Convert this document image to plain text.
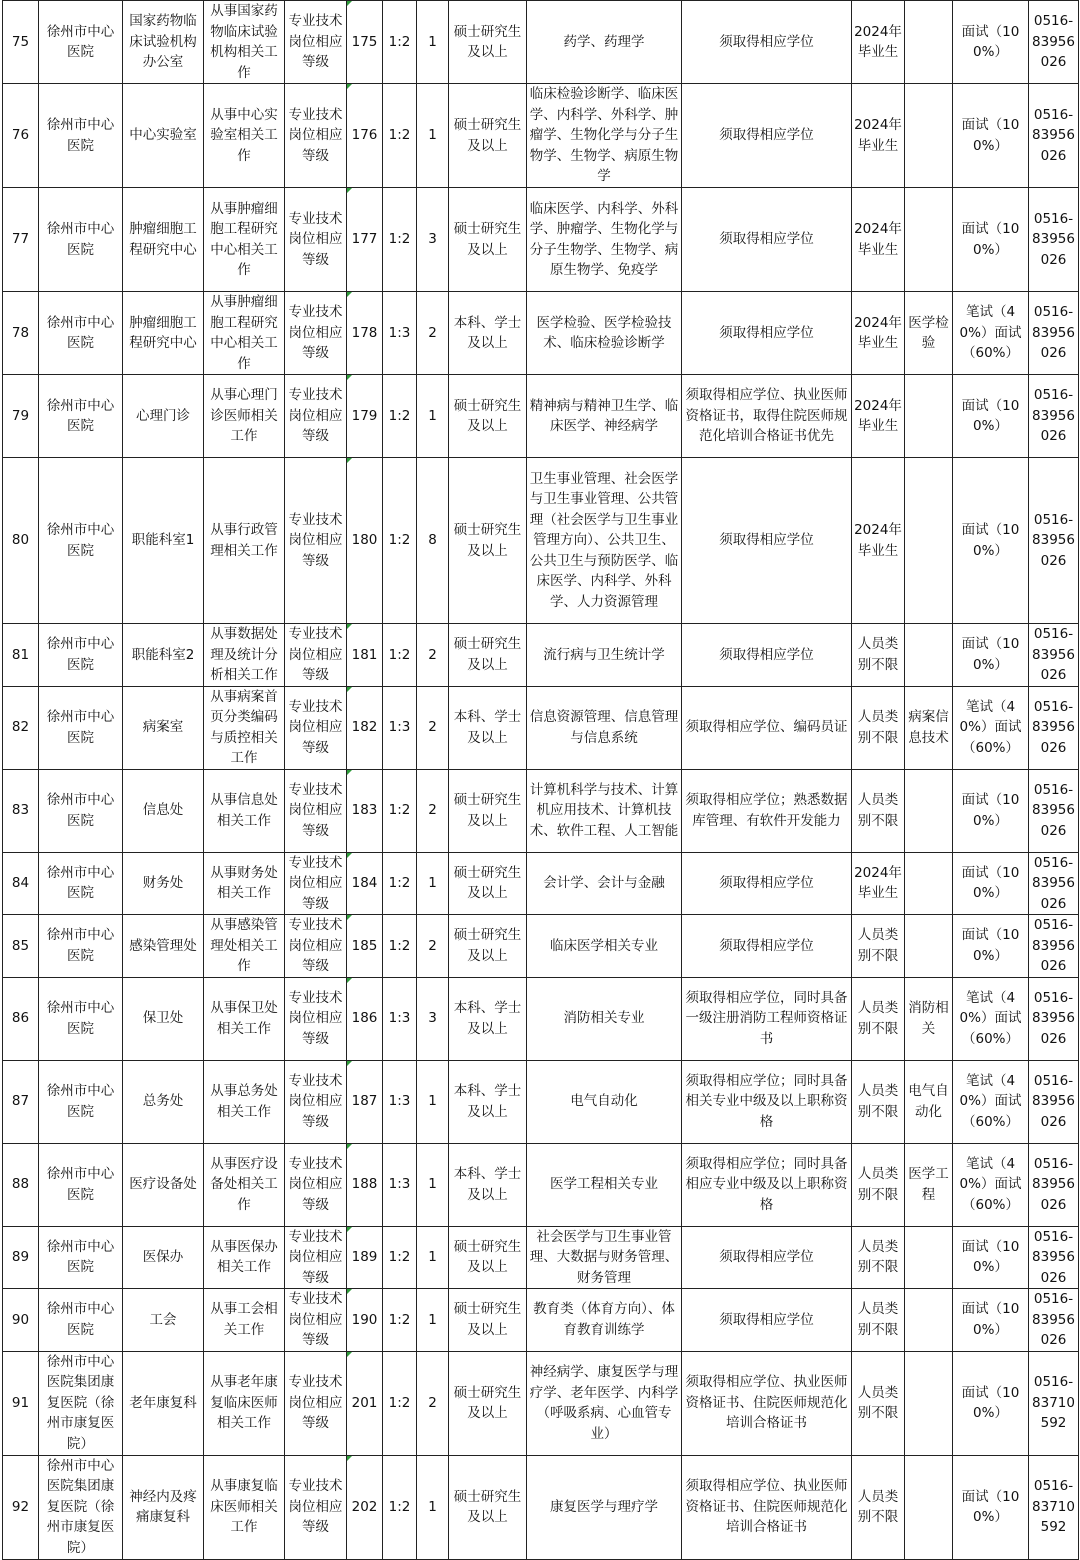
75	徐州市中心医院	国家药物临床试验机构办公室	从事国家药物临床试验机构相关工作	专业技术岗位相应等级	175	1:2	1	硕士研究生及以上	药学、药理学	须取得相应学位	2024年毕业生		面试（100%）	0516-83956026
76	徐州市中心医院	中心实验室	从事中心实验室相关工作	专业技术岗位相应等级	176	1:2	1	硕士研究生及以上	临床检验诊断学、临床医学、内科学、外科学、肿瘤学、生物化学与分子生物学、生物学、病原生物学	须取得相应学位	2024年毕业生		面试（100%）	0516-83956026
77	徐州市中心医院	肿瘤细胞工程研究中心	从事肿瘤细胞工程研究中心相关工作	专业技术岗位相应等级	177	1:2	3	硕士研究生及以上	临床医学、内科学、外科学、肿瘤学、生物化学与分子生物学、生物学、病原生物学、免疫学	须取得相应学位	2024年毕业生		面试（100%）	0516-83956026
78	徐州市中心医院	肿瘤细胞工程研究中心	从事肿瘤细胞工程研究中心相关工作	专业技术岗位相应等级	178	1:3	2	本科、学士及以上	医学检验、医学检验技术、临床检验诊断学	须取得相应学位	2024年毕业生	医学检验	笔试（40%）面试（60%）	0516-83956026
79	徐州市中心医院	心理门诊	从事心理门诊医师相关工作	专业技术岗位相应等级	179	1:2	1	硕士研究生及以上	精神病与精神卫生学、临床医学、神经病学	须取得相应学位、执业医师资格证书，取得住院医师规范化培训合格证书优先	2024年毕业生		面试（100%）	0516-83956026
80	徐州市中心医院	职能科室1	从事行政管理相关工作	专业技术岗位相应等级	180	1:2	8	硕士研究生及以上	卫生事业管理、社会医学与卫生事业管理、公共管理（社会医学与卫生事业管理方向）、公共卫生、公共卫生与预防医学、临床医学、内科学、外科学、人力资源管理	须取得相应学位	2024年毕业生		面试（100%）	0516-83956026
81	徐州市中心医院	职能科室2	从事数据处理及统计分析相关工作	专业技术岗位相应等级	181	1:2	2	硕士研究生及以上	流行病与卫生统计学	须取得相应学位	人员类别不限		面试（100%）	0516-83956026
82	徐州市中心医院	病案室	从事病案首页分类编码与质控相关工作	专业技术岗位相应等级	182	1:3	2	本科、学士及以上	信息资源管理、信息管理与信息系统	须取得相应学位、编码员证	人员类别不限	病案信息技术	笔试（40%）面试（60%）	0516-83956026
83	徐州市中心医院	信息处	从事信息处相关工作	专业技术岗位相应等级	183	1:2	2	硕士研究生及以上	计算机科学与技术、计算机应用技术、计算机技术、软件工程、人工智能	须取得相应学位；熟悉数据库管理、有软件开发能力	人员类别不限		面试（100%）	0516-83956026
84	徐州市中心医院	财务处	从事财务处相关工作	专业技术岗位相应等级	184	1:2	1	硕士研究生及以上	会计学、会计与金融	须取得相应学位	2024年毕业生		面试（100%）	0516-83956026
85	徐州市中心医院	感染管理处	从事感染管理处相关工作	专业技术岗位相应等级	185	1:2	2	硕士研究生及以上	临床医学相关专业	须取得相应学位	人员类别不限		面试（100%）	0516-83956026
86	徐州市中心医院	保卫处	从事保卫处相关工作	专业技术岗位相应等级	186	1:3	3	本科、学士及以上	消防相关专业	须取得相应学位，同时具备一级注册消防工程师资格证书	人员类别不限	消防相关	笔试（40%）面试（60%）	0516-83956026
87	徐州市中心医院	总务处	从事总务处相关工作	专业技术岗位相应等级	187	1:3	1	本科、学士及以上	电气自动化	须取得相应学位；同时具备相关专业中级及以上职称资格	人员类别不限	电气自动化	笔试（40%）面试（60%）	0516-83956026
88	徐州市中心医院	医疗设备处	从事医疗设备处相关工作	专业技术岗位相应等级	188	1:3	1	本科、学士及以上	医学工程相关专业	须取得相应学位；同时具备相应专业中级及以上职称资格	人员类别不限	医学工程	笔试（40%）面试（60%）	0516-83956026
89	徐州市中心医院	医保办	从事医保办相关工作	专业技术岗位相应等级	189	1:2	1	硕士研究生及以上	社会医学与卫生事业管理、大数据与财务管理、财务管理	须取得相应学位	人员类别不限		面试（100%）	0516-83956026
90	徐州市中心医院	工会	从事工会相关工作	专业技术岗位相应等级	190	1:2	1	硕士研究生及以上	教育类（体育方向）、体育教育训练学	须取得相应学位	人员类别不限		面试（100%）	0516-83956026
91	徐州市中心医院集团康复医院（徐州市康复医院）	老年康复科	从事老年康复临床医师相关工作	专业技术岗位相应等级	201	1:2	2	硕士研究生及以上	神经病学、康复医学与理疗学、老年医学、内科学（呼吸系病、心血管专业）	须取得相应学位、执业医师资格证书、住院医师规范化培训合格证书	人员类别不限		面试（100%）	0516-83710592
92	徐州市中心医院集团康复医院（徐州市康复医院）	神经内及疼痛康复科	从事康复临床医师相关工作	专业技术岗位相应等级	202	1:2	1	硕士研究生及以上	康复医学与理疗学	须取得相应学位、执业医师资格证书、住院医师规范化培训合格证书	人员类别不限		面试（100%）	0516-83710592
